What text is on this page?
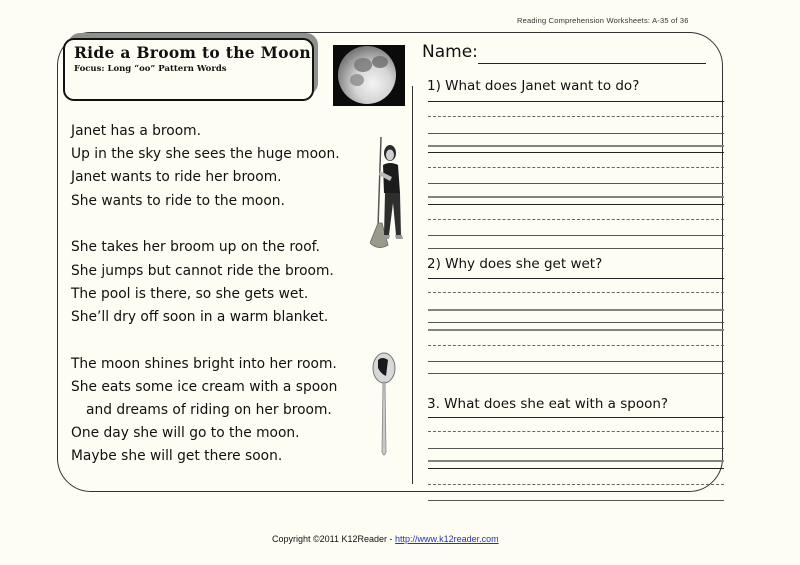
Reading Comprehension Worksheets: A-35 of 36
Ride a Broom to the Moon
Focus: Long “oo” Pattern Words
Janet has a broom.
Up in the sky she sees the huge moon.
Janet wants to ride her broom.
She wants to ride to the moon.
She takes her broom up on the roof.
She jumps but cannot ride the broom.
The pool is there, so she gets wet.
She’ll dry off soon in a warm blanket.
The moon shines bright into her room.
She eats some ice cream with a spoon
and dreams of riding on her broom.
One day she will go to the moon.
Maybe she will get there soon.
Name:
1) What does Janet want to do?
2) Why does she get wet?
3. What does she eat with a spoon?
Copyright ©2011 K12Reader - http://www.k12reader.com
